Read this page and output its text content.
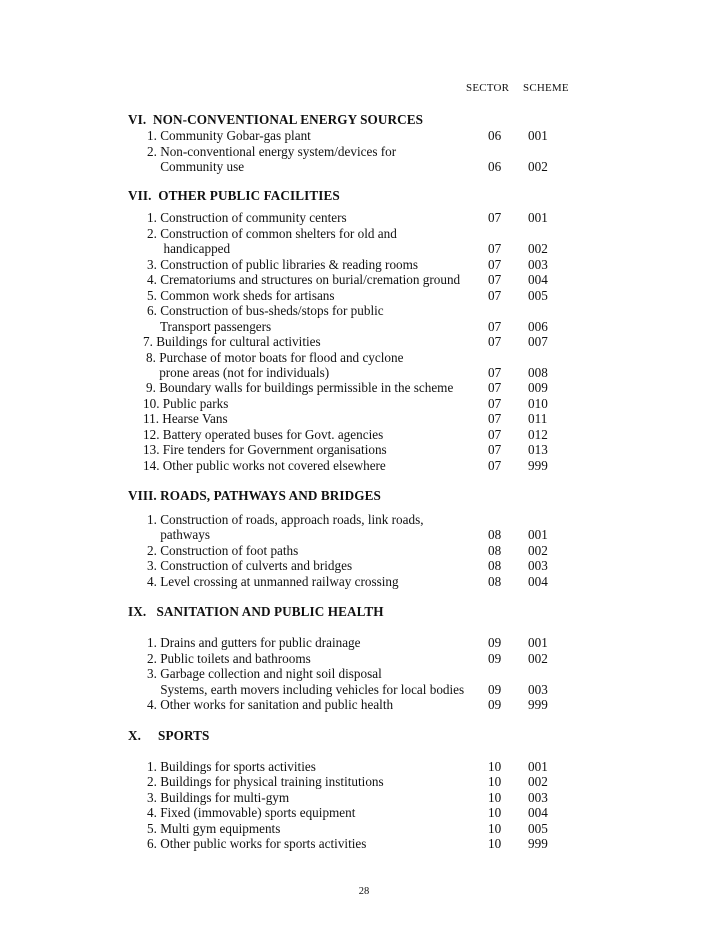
SECTOR SCHEME
VI.  NON-CONVENTIONAL ENERGY SOURCES
1. Community Gobar-gas plant	06 001
2. Non-conventional energy system/devices for
Community use	06 002
VII.  OTHER PUBLIC FACILITIES
1. Construction of community centers	07 001
2. Construction of common shelters for old and
handicapped	07 002
3. Construction of public libraries & reading rooms	07 003
4. Crematoriums and structures on burial/cremation ground 07 004
5. Common work sheds for artisans	07 005
6. Construction of bus-sheds/stops for public
Transport passengers	07 006
7. Buildings for cultural activities	07 007
8. Purchase of motor boats for flood and cyclone
prone areas (not for individuals)	07 008
9. Boundary walls for buildings permissible in the scheme	07 009
10. Public parks	07 010
11. Hearse Vans	07 011
12. Battery operated buses for Govt. agencies	07 012
13. Fire tenders for Government organisations	07 013
14. Other public works not covered elsewhere	07 999
VIII. ROADS, PATHWAYS AND BRIDGES
1. Construction of roads, approach roads, link roads,
pathways	08 001
2. Construction of foot paths	08 002
3. Construction of culverts and bridges	08 003
4. Level crossing at unmanned railway crossing	08 004
IX.   SANITATION AND PUBLIC HEALTH
1. Drains and gutters for public drainage	09 001
2. Public toilets and bathrooms	09 002
3. Garbage collection and night soil disposal
Systems, earth movers including vehicles for local bodies 09 003
4. Other works for sanitation and public health	09 999
X.     SPORTS
1. Buildings for sports activities	10 001
2. Buildings for physical training institutions	10 002
3. Buildings for multi-gym	10 003
4. Fixed (immovable) sports equipment	10 004
5. Multi gym equipments	10 005
6. Other public works for sports activities	10 999
28
